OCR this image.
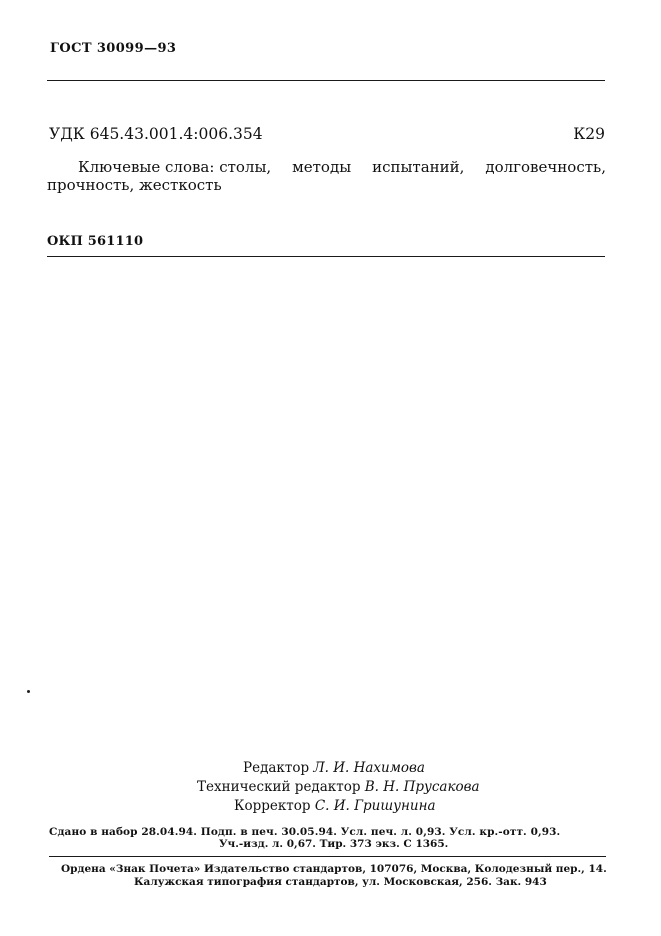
ГОСТ 30099—93
УДК 645.43.001.4:006.354	К29
Ключевые слова: столы, методы испытаний, долговечность,
прочность, жесткость
ОКП 561110
Редактор Л. И. Нахимова
Технический редактор В. Н. Прусакова
Корректор С. И. Гришунина
Сдано в набор 28.04.94. Подп. в печ. 30.05.94. Усл. печ. л. 0,93. Усл. кр.-отт. 0,93.
Уч.-изд. л. 0,67. Тир. 373 экз. С 1365.
Ордена «Знак Почета» Издательство стандартов, 107076, Москва, Колодезный пер., 14.
Калужская типография стандартов, ул. Московская, 256. Зак. 943
